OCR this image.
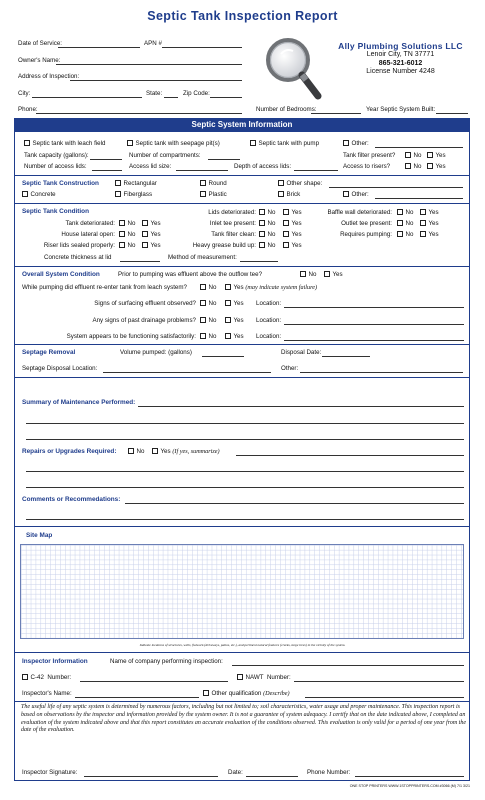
Septic Tank Inspection Report
Date of Service:	APN #
Owner's Name:
Address of Inspection:
City:	State:	Zip Code:
Phone:	Number of Bedrooms:	Year Septic System Built:
Ally Plumbing Solutions LLC
Lenoir City, TN 37771
865-321-6012
License Number 4248
Septic System Information
Septic tank with leach field	Septic tank with seepage pit(s)	Septic tank with pump	Other:
Tank capacity (gallons):	Number of compartments:	Tank filter present?	No	Yes
Number of access lids:	Access lid size:	Depth of access lids:	Access to risers?	No	Yes
Septic Tank Construction	Rectangular	Round	Other shape:
Concrete	Fiberglass	Plastic	Brick	Other:
Septic Tank Condition
Tank deteriorated:	No	Yes
House lateral open:	No	Yes
Riser lids sealed properly:	No	Yes
Concrete thickness at lid
Lids deteriorated:	No	Yes
Inlet tee present:	No	Yes
Tank filter clean:	No	Yes
Heavy grease build up:	No	Yes
Method of measurement:
Baffle wall deteriorated:	No	Yes
Outlet tee present:	No	Yes
Requires pumping:	No	Yes
Overall System Condition	Prior to pumping was effluent above the outflow tee?	No	Yes
While pumping did effluent re-enter tank from leach system?	No	Yes (may indicate system failure)
Signs of surfacing effluent observed?	No	Yes Location:
Any signs of past drainage problems?	No	Yes Location:
System appears to be functioning satisfactorily:	No	Yes Location:
Septage Removal	Volume pumped: (gallons)	Disposal Date:
Septage Disposal Location:	Other:
Summary of Maintenance Performed:
Repairs or Upgrades Required:	No	Yes (If yes, summarize)
Comments or Recommedations:
Site Map
Indicate locations of structures, wells, flatwork (driveways, patios, etc.), and pertinent natural features (creeks, large trees) in the vicinity of the system.
Inspector Information	Name of company performing inspection:
C-42 Number:	NAWT Number:
Inspector's Name:	Other qualification (Describe)
The useful life of any septic system is determined by numerous factors, including but not limited to; soil characteristics, water usage and proper maintenance. This inspection report is based on observations by the inspector and information provided by the system owner. It is not a guarantee of system adequacy. I certify that on the date indicated above, I completed an evaluation of the system indicated above and that this report constitutes an accurate evaluation of the conditions observed. This evaluation is only valid for a period of one year from the date of the evaluation.
Inspector Signature:	Date:	Phone Number:
ONE STOP PRINTERS WWW.1STOPPRINTERS.COM #3066 (M) 7/1 3/21
